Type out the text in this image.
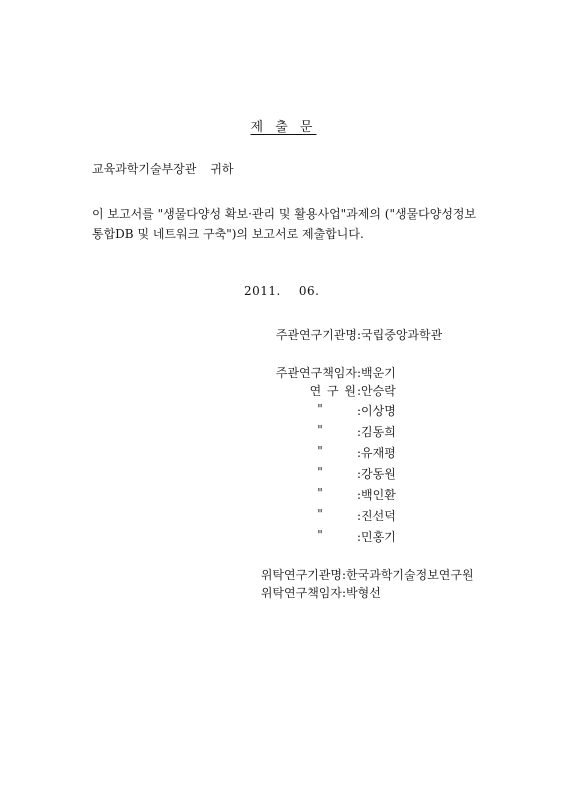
제 출 문
교육과학기술부장관 귀하
이 보고서를 "생물다양성 확보·관리 및 활용사업"과제의 ("생물다양성정보
통합DB 및 네트워크 구축")의 보고서로 제출합니다.
2011. 06.
주관연구기관명 :국립중앙과학관
주관연구책임자 :백운기
연 구 원 :안승락
"	:이상명
"	:김동희
"	:유재평
"	:강동원
"	:백인환
"	:진선덕
"	:민홍기
위탁연구기관명 :한국과학기술정보연구원
위탁연구책임자 :박형선
